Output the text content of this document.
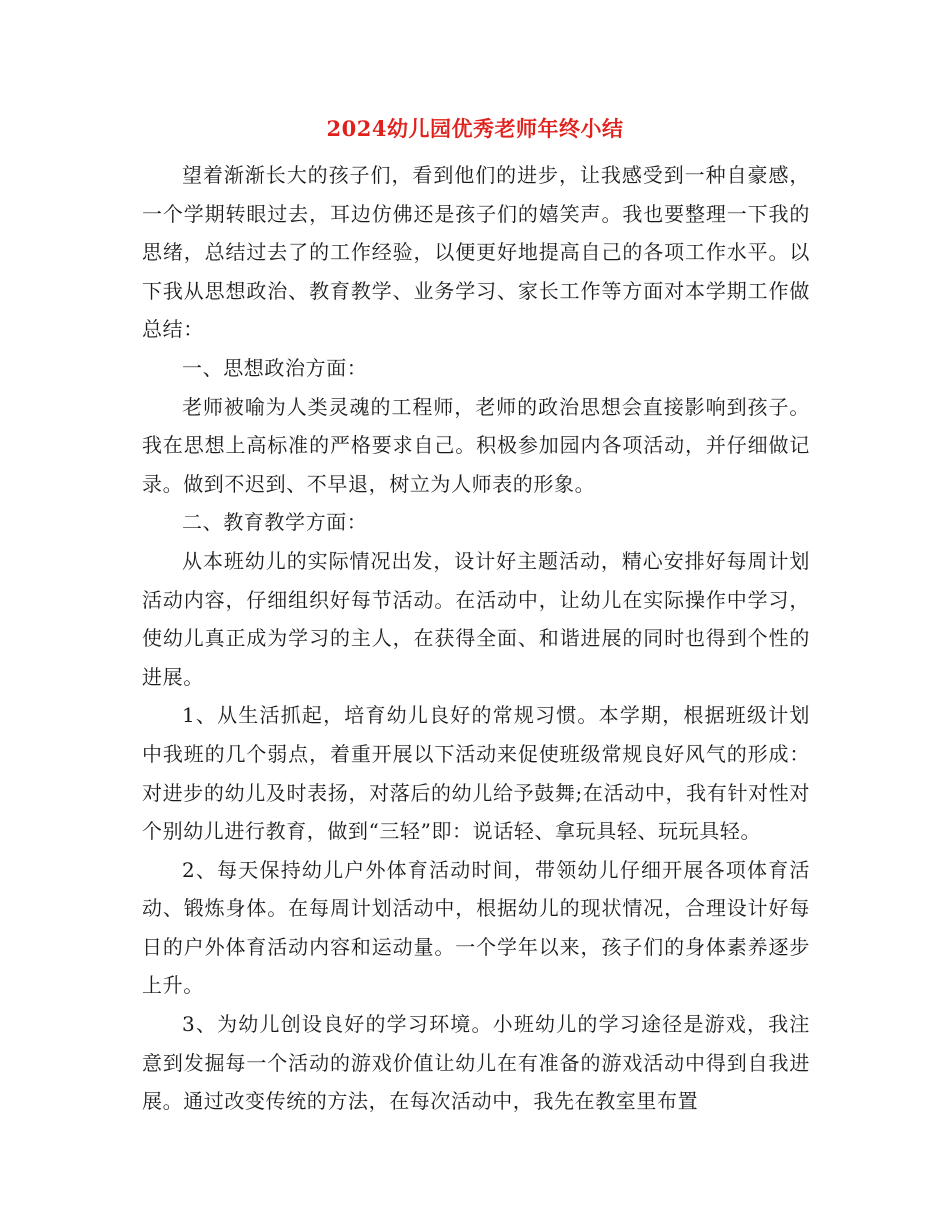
2024幼儿园优秀老师年终小结

望着渐渐长大的孩子们，看到他们的进步，让我感受到一种自豪感，一个学期转眼过去，耳边仿佛还是孩子们的嬉笑声。我也要整理一下我的思绪，总结过去了的工作经验，以便更好地提高自己的各项工作水平。以下我从思想政治、教育教学、业务学习、家长工作等方面对本学期工作做总结：

一、思想政治方面：

老师被喻为人类灵魂的工程师，老师的政治思想会直接影响到孩子。我在思想上高标准的严格要求自己。积极参加园内各项活动，并仔细做记录。做到不迟到、不早退，树立为人师表的形象。

二、教育教学方面：

从本班幼儿的实际情况出发，设计好主题活动，精心安排好每周计划活动内容，仔细组织好每节活动。在活动中，让幼儿在实际操作中学习，使幼儿真正成为学习的主人，在获得全面、和谐进展的同时也得到个性的进展。

1、从生活抓起，培育幼儿良好的常规习惯。本学期，根据班级计划中我班的几个弱点，着重开展以下活动来促使班级常规良好风气的形成：对进步的幼儿及时表扬，对落后的幼儿给予鼓舞;在活动中，我有针对性对个别幼儿进行教育，做到“三轻”即：说话轻、拿玩具轻、玩玩具轻。

2、每天保持幼儿户外体育活动时间，带领幼儿仔细开展各项体育活动、锻炼身体。在每周计划活动中，根据幼儿的现状情况，合理设计好每日的户外体育活动内容和运动量。一个学年以来，孩子们的身体素养逐步上升。

3、为幼儿创设良好的学习环境。小班幼儿的学习途径是游戏，我注意到发掘每一个活动的游戏价值让幼儿在有准备的游戏活动中得到自我进展。通过改变传统的方法，在每次活动中，我先在教室里布置
